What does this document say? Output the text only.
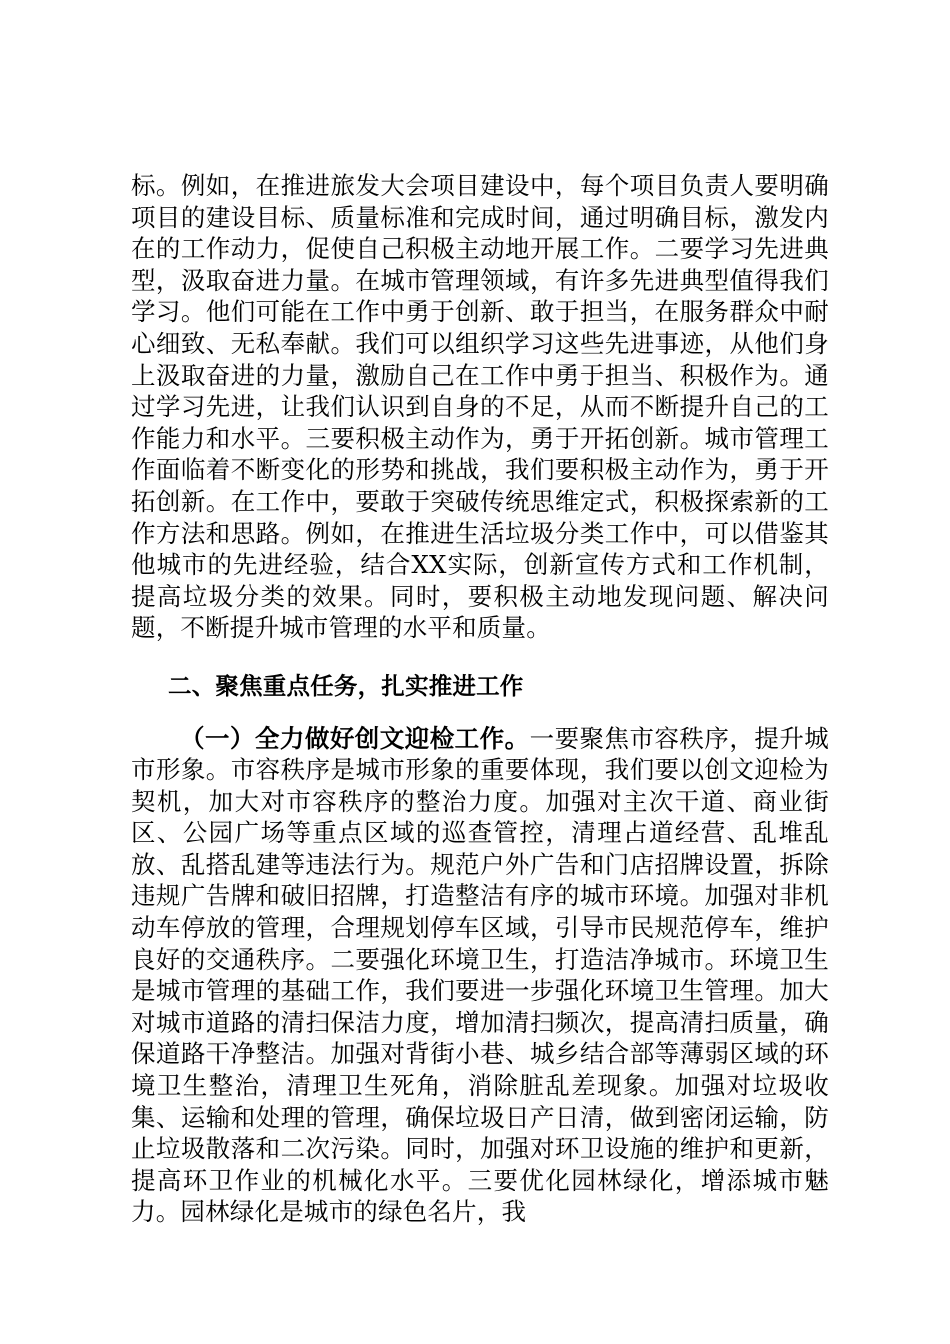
标。例如，在推进旅发大会项目建设中，每个项目负责人要明确项目的建设目标、质量标准和完成时间，通过明确目标，激发内在的工作动力，促使自己积极主动地开展工作。二要学习先进典型，汲取奋进力量。在城市管理领域，有许多先进典型值得我们学习。他们可能在工作中勇于创新、敢于担当，在服务群众中耐心细致、无私奉献。我们可以组织学习这些先进事迹，从他们身上汲取奋进的力量，激励自己在工作中勇于担当、积极作为。通过学习先进，让我们认识到自身的不足，从而不断提升自己的工作能力和水平。三要积极主动作为，勇于开拓创新。城市管理工作面临着不断变化的形势和挑战，我们要积极主动作为，勇于开拓创新。在工作中，要敢于突破传统思维定式，积极探索新的工作方法和思路。例如，在推进生活垃圾分类工作中，可以借鉴其他城市的先进经验，结合XX实际，创新宣传方式和工作机制，提高垃圾分类的效果。同时，要积极主动地发现问题、解决问题，不断提升城市管理的水平和质量。

二、聚焦重点任务，扎实推进工作

（一）全力做好创文迎检工作。一要聚焦市容秩序，提升城市形象。市容秩序是城市形象的重要体现，我们要以创文迎检为契机，加大对市容秩序的整治力度。加强对主次干道、商业街区、公园广场等重点区域的巡查管控，清理占道经营、乱堆乱放、乱搭乱建等违法行为。规范户外广告和门店招牌设置，拆除违规广告牌和破旧招牌，打造整洁有序的城市环境。加强对非机动车停放的管理，合理规划停车区域，引导市民规范停车，维护良好的交通秩序。二要强化环境卫生，打造洁净城市。环境卫生是城市管理的基础工作，我们要进一步强化环境卫生管理。加大对城市道路的清扫保洁力度，增加清扫频次，提高清扫质量，确保道路干净整洁。加强对背街小巷、城乡结合部等薄弱区域的环境卫生整治，清理卫生死角，消除脏乱差现象。加强对垃圾收集、运输和处理的管理，确保垃圾日产日清，做到密闭运输，防止垃圾散落和二次污染。同时，加强对环卫设施的维护和更新，提高环卫作业的机械化水平。三要优化园林绿化，增添城市魅力。园林绿化是城市的绿色名片，我
